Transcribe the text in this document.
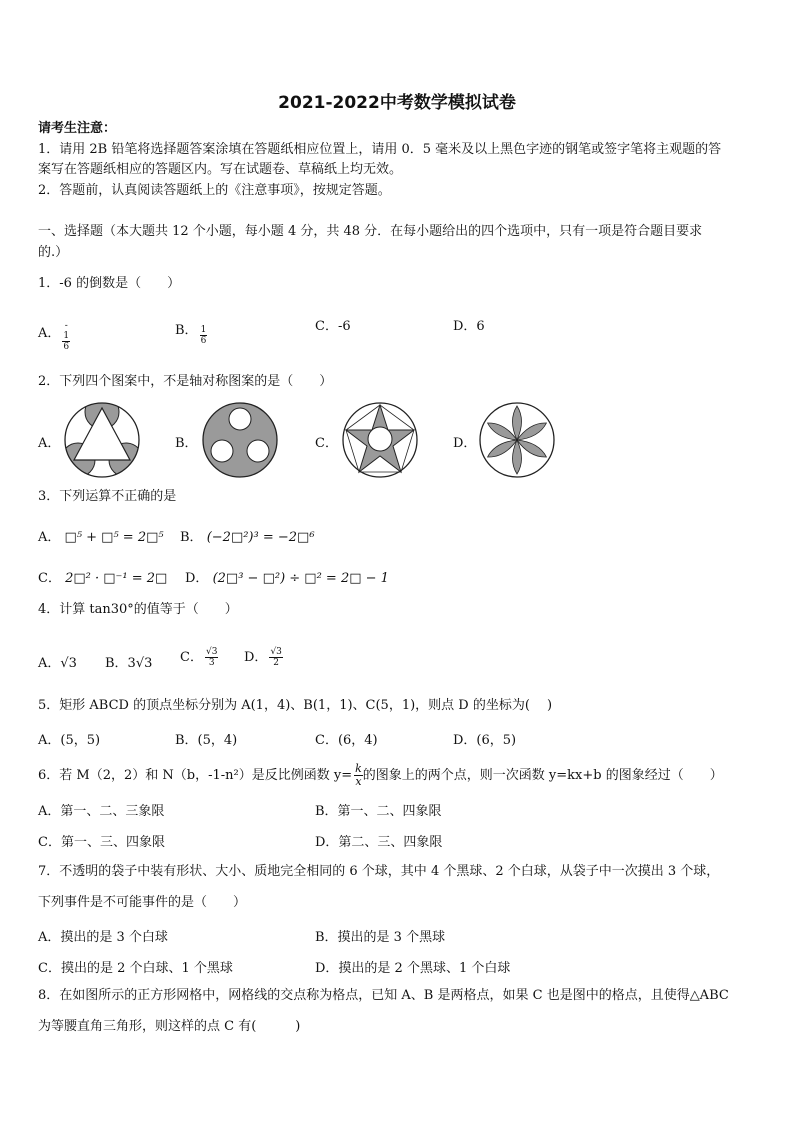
2021-2022中考数学模拟试卷
请考生注意：
1．请用 2B 铅笔将选择题答案涂填在答题纸相应位置上，请用 0．5 毫米及以上黑色字迹的钢笔或签字笔将主观题的答
案写在答题纸相应的答题区内。写在试题卷、草稿纸上均无效。
2．答题前，认真阅读答题纸上的《注意事项》，按规定答题。
一、选择题（本大题共 12 个小题，每小题 4 分，共 48 分．在每小题给出的四个选项中，只有一项是符合题目要求
的.）
1．-6 的倒数是（　　）
A． -
1
6
B． $\frac{1}{6}$	C．-6	D．6
2．下列四个图案中，不是轴对称图案的是（　　）
A．	B．	C．	D．
3．下列运算不正确的是
A． □⁵ + □⁵ = 2□⁵ B． (−2□²)³ = −2□⁶
C． 2□² · □⁻¹ = 2□ D． (2□³ − □²) ÷ □² = 2□ − 1
4．计算 tan30°的值等于（　　）
A．√3 B．3√3 C． $\frac{√3}{3}$ D． $\frac{√3}{2}$
5．矩形 ABCD 的顶点坐标分别为 A(1，4)、B(1，1)、C(5，1)，则点 D 的坐标为(　 )
A．(5，5)	B．(5，4)	C．(6，4)	D．(6，5)
6．若 M（2，2）和 N（b，-1-n²）是反比例函数 $y= \frac{k}{x}$ 的图象上的两个点，则一次函数 y=kx+b 的图象经过（　　）
A．第一、二、三象限	B．第一、二、四象限
C．第一、三、四象限	D．第二、三、四象限
7．不透明的袋子中装有形状、大小、质地完全相同的 6 个球，其中 4 个黑球、2 个白球，从袋子中一次摸出 3 个球，
下列事件是不可能事件的是（　　）
A．摸出的是 3 个白球	B．摸出的是 3 个黑球
C．摸出的是 2 个白球、1 个黑球	D．摸出的是 2 个黑球、1 个白球
8．在如图所示的正方形网格中，网格线的交点称为格点，已知 A、B 是两格点，如果 C 也是图中的格点，且使得△ABC
为等腰直角三角形，则这样的点 C 有(　　　)
